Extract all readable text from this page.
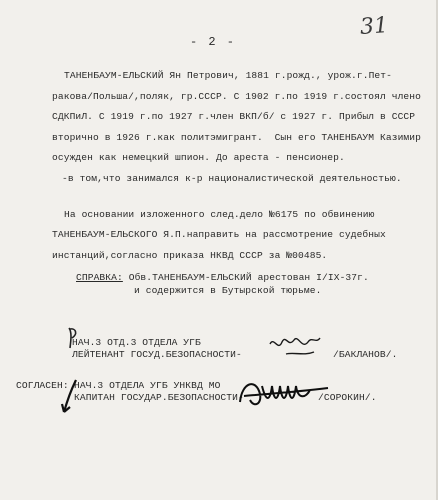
31
- 2 -
ТАНЕНБАУМ-ЕЛЬСКИЙ Ян Петрович, 1881 г.рожд., урож.г.Пет-
ракова/Польша/,поляк, гр.СССР. С 1902 г.по 1919 г.состоял члено
СДКПиЛ. С 1919 г.по 1927 г.член ВКП/б/ с 1927 г. Прибыл в СССР
вторично в 1926 г.как политэмигрант.  Сын его ТАНЕНБАУМ Казимир
осужден как немецкий шпион. До ареста - пенсионер.
-в том,что занимался к-р националистической деятельностью.
На основании изложенного след.дело №6175 по обвинению
ТАНЕНБАУМ-ЕЛЬСКОГО Я.П.направить на рассмотрение судебных
инстанций,согласно приказа НКВД СССР за №00485.
СПРАВКА: Обв.ТАНЕНБАУМ-ЕЛЬСКИЙ арестован I/IX-37г.
и содержится в Бутырской тюрьме.
НАЧ.3 ОТД.3 ОТДЕЛА УГБ
ЛЕЙТЕНАНТ ГОСУД.БЕЗОПАСНОСТИ-	/БАКЛАНОВ/.
СОГЛАСЕН: НАЧ.3 ОТДЕЛА УГБ УНКВД МО
КАПИТАН ГОСУДАР.БЕЗОПАСНОСТИ-	/СОРОКИН/.
